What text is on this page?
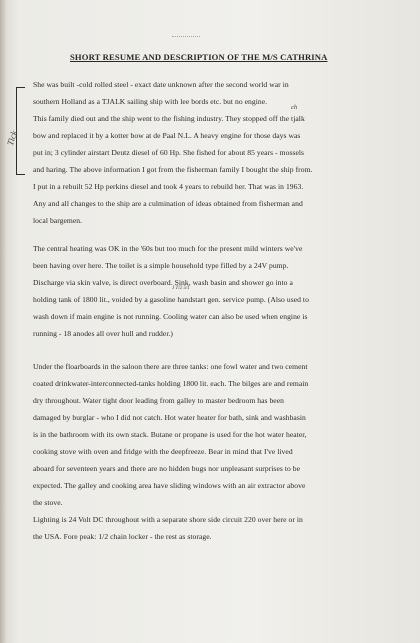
SHORT RESUME AND DESCRIPTION OF THE M/S CATHRINA
Tick
She was built -cold rolled steel - exact date unknown after the second world war in
southern Holland as a TJALK sailing ship with lee bords etc. but no engine.
This family died out and the ship went to the fishing industry. They stopped off the tjalk
ch
bow and replaced it by a kotter bow at de Paal N.L. A heavy engine for those days was
put in; 3 cylinder airstart Deutz diesel of 60 Hp. She fished for about 85 years - mossels
and haring. The above information I got from the fisherman family I bought the ship from.
I put in a rebuilt 52 Hp perkins diesel and took 4 years to rebuild her. That was in 1963.
Any and all changes to the ship are a culmination of ideas obtained from fisherman and
local bargemen.
The central heating was OK in the '60s but too much for the present mild winters we've
been having over here. The toilet is a simple household type filled by a 24V pump.
Discharge via skin valve, is direct overboard. Sink, wash basin and shower go into a
holding tank of 1800 lit., voided by a gasoline handstart gen. service pump. (Also used to
J T/2 5/1
wash down if main engine is not running. Cooling water can also be used when engine is
running - 18 anodes all over hull and rudder.)
Under the floarboards in the saloon there are three tanks: one fowl water and two cement
coated drinkwater-interconnected-tanks holding 1800 lit. each. The bilges are and remain
dry throughout. Water tight door leading from galley to master bedroom has been
damaged by burglar - who I did not catch. Hot water heater for bath, sink and washbasin
is in the bathroom with its own stack. Butane or propane is used for the hot water heater,
cooking stove with oven and fridge with the deepfreeze. Bear in mind that I've lived
aboard for seventeen years and there are no hidden bugs nor unpleasant surprises to be
expected. The galley and cooking area have sliding windows with an air extractor above
the stove.
Lighting is 24 Volt DC throughout with a separate shore side circuit 220 over here or in
the USA. Fore peak: 1/2 chain locker - the rest as storage.
